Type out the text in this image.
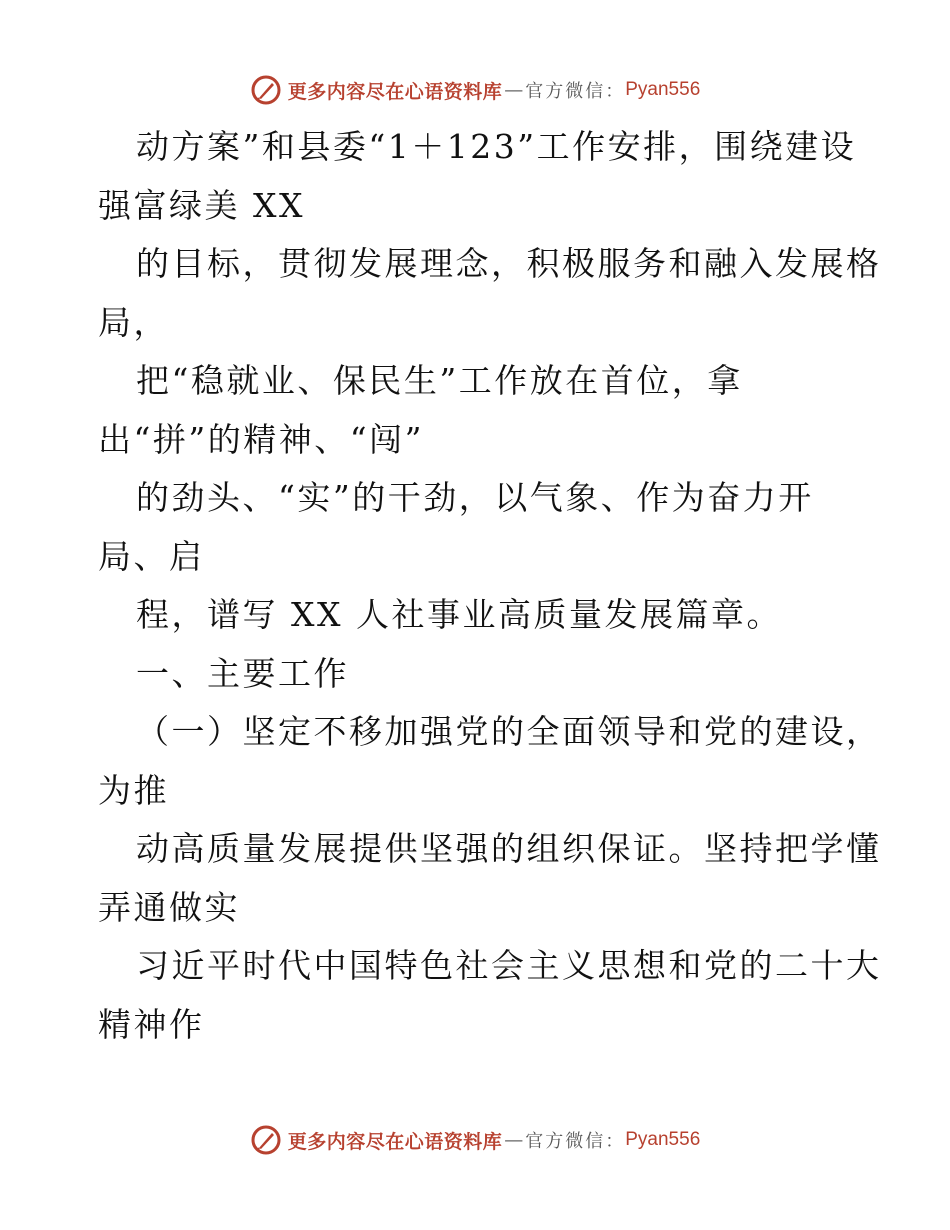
更多内容尽在心语资料库 — 官方微信： Pyan556
动方案”和县委“1＋123”工作安排，围绕建设
强富绿美 XX
的目标，贯彻发展理念，积极服务和融入发展格
局，
把“稳就业、保民生”工作放在首位，拿
出“拼”的精神、“闯”
的劲头、“实”的干劲，以气象、作为奋力开
局、启
程，谱写 XX 人社事业高质量发展篇章。
一、主要工作
（一）坚定不移加强党的全面领导和党的建设，
为推
动高质量发展提供坚强的组织保证。坚持把学懂
弄通做实
习近平时代中国特色社会主义思想和党的二十大
精神作
更多内容尽在心语资料库 — 官方微信： Pyan556
